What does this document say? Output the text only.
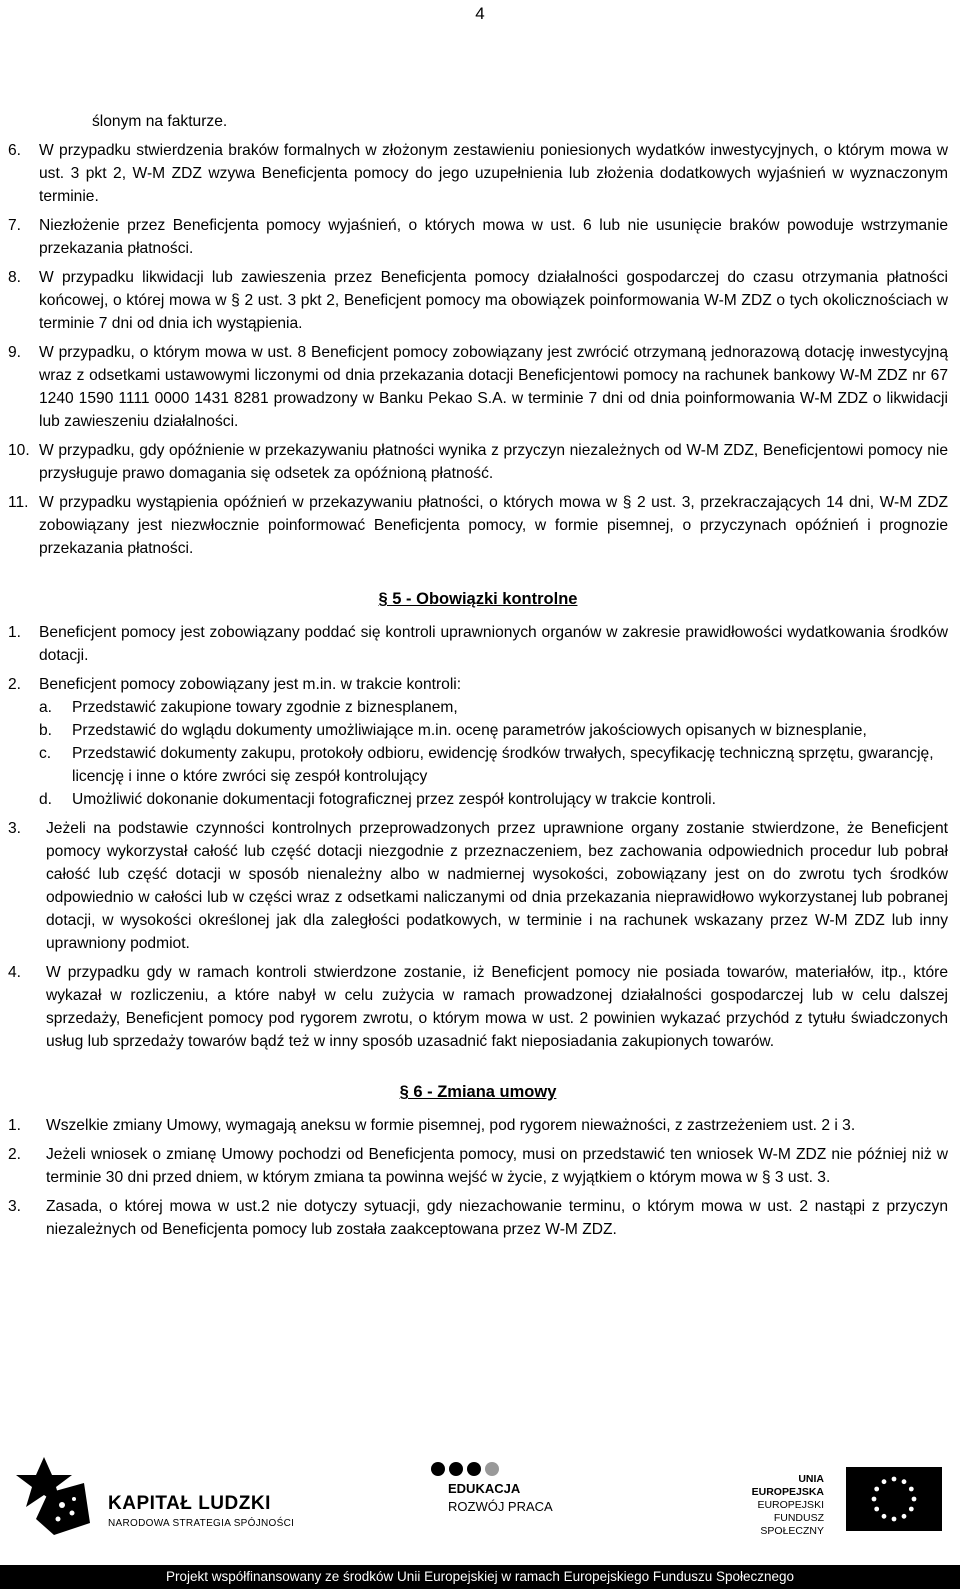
4
ślonym na fakturze.
6. W przypadku stwierdzenia braków formalnych w złożonym zestawieniu poniesionych wydatków inwestycyjnych, o którym mowa w ust. 3 pkt 2, W-M ZDZ wzywa Beneficjenta pomocy do jego uzupełnienia lub złożenia dodatkowych wyjaśnień w wyznaczonym terminie.
7. Niezłożenie przez Beneficjenta pomocy wyjaśnień, o których mowa w ust. 6 lub nie usunięcie braków powoduje wstrzymanie przekazania płatności.
8. W przypadku likwidacji lub zawieszenia przez Beneficjenta pomocy działalności gospodarczej do czasu otrzymania płatności końcowej, o której mowa w § 2 ust. 3 pkt 2, Beneficjent pomocy ma obowiązek poinformowania W-M ZDZ o tych okolicznościach w terminie 7 dni od dnia ich wystąpienia.
9. W przypadku, o którym mowa w ust. 8 Beneficjent pomocy zobowiązany jest zwrócić otrzymaną jednorazową dotację inwestycyjną wraz z odsetkami ustawowymi liczonymi od dnia przekazania dotacji Beneficjentowi pomocy na rachunek bankowy W-M ZDZ nr 67 1240 1590 1111 0000 1431 8281 prowadzony w Banku Pekao S.A. w terminie 7 dni od dnia poinformowania W-M ZDZ o likwidacji lub zawieszeniu działalności.
10. W przypadku, gdy opóźnienie w przekazywaniu płatności wynika z przyczyn niezależnych od W-M ZDZ, Beneficjentowi pomocy nie przysługuje prawo domagania się odsetek za opóźnioną płatność.
11. W przypadku wystąpienia opóźnień w przekazywaniu płatności, o których mowa w § 2 ust. 3, przekraczających 14 dni, W-M ZDZ zobowiązany jest niezwłocznie poinformować Beneficjenta pomocy, w formie pisemnej, o przyczynach opóźnień i prognozie przekazania płatności.
§ 5 - Obowiązki kontrolne
1. Beneficjent pomocy jest zobowiązany poddać się kontroli uprawnionych organów w zakresie prawidłowości wydatkowania środków dotacji.
2. Beneficjent pomocy zobowiązany jest m.in. w trakcie kontroli:
a. Przedstawić zakupione towary zgodnie z biznesplanem,
b. Przedstawić do wglądu dokumenty umożliwiające m.in. ocenę parametrów jakościowych opisanych w biznesplanie,
c. Przedstawić dokumenty zakupu, protokoły odbioru, ewidencję środków trwałych, specyfikację techniczną sprzętu, gwarancję, licencję i inne o które zwróci się zespół kontrolujący
d. Umożliwić dokonanie dokumentacji fotograficznej przez zespół kontrolujący w trakcie kontroli.
3. Jeżeli na podstawie czynności kontrolnych przeprowadzonych przez uprawnione organy zostanie stwierdzone, że Beneficjent pomocy wykorzystał całość lub część dotacji niezgodnie z przeznaczeniem, bez zachowania odpowiednich procedur lub pobrał całość lub część dotacji w sposób nienależny albo w nadmiernej wysokości, zobowiązany jest on do zwrotu tych środków odpowiednio w całości lub w części wraz z odsetkami naliczanymi od dnia przekazania nieprawidłowo wykorzystanej lub pobranej dotacji, w wysokości określonej jak dla zaległości podatkowych, w terminie i na rachunek wskazany przez W-M ZDZ lub inny uprawniony podmiot.
4. W przypadku gdy w ramach kontroli stwierdzone zostanie, iż Beneficjent pomocy nie posiada towarów, materiałów, itp., które wykazał w rozliczeniu, a które nabył w celu zużycia w ramach prowadzonej działalności gospodarczej lub w celu dalszej sprzedaży, Beneficjent pomocy pod rygorem zwrotu, o którym mowa w ust. 2 powinien wykazać przychód z tytułu świadczonych usług lub sprzedaży towarów bądź też w inny sposób uzasadnić fakt nieposiadania zakupionych towarów.
§ 6 - Zmiana umowy
1. Wszelkie zmiany Umowy, wymagają aneksu w formie pisemnej, pod rygorem nieważności, z zastrzeżeniem ust. 2 i 3.
2. Jeżeli wniosek o zmianę Umowy pochodzi od Beneficjenta pomocy, musi on przedstawić ten wniosek W-M ZDZ nie później niż w terminie 30 dni przed dniem, w którym zmiana ta powinna wejść w życie, z wyjątkiem o którym mowa w § 3 ust. 3.
3. Zasada, o której mowa w ust.2 nie dotyczy sytuacji, gdy niezachowanie terminu, o którym mowa w ust. 2 nastąpi z przyczyn niezależnych od Beneficjenta pomocy lub została zaakceptowana przez W-M ZDZ.
KAPITAŁ LUDZKI
NARODOWA STRATEGIA SPÓJNOŚCI
EDUKACJA
ROZWÓJ PRACA
UNIA EUROPEJSKA
EUROPEJSKI
FUNDUSZ SPOŁECZNY
Projekt współfinansowany ze środków Unii Europejskiej w ramach Europejskiego Funduszu Społecznego
